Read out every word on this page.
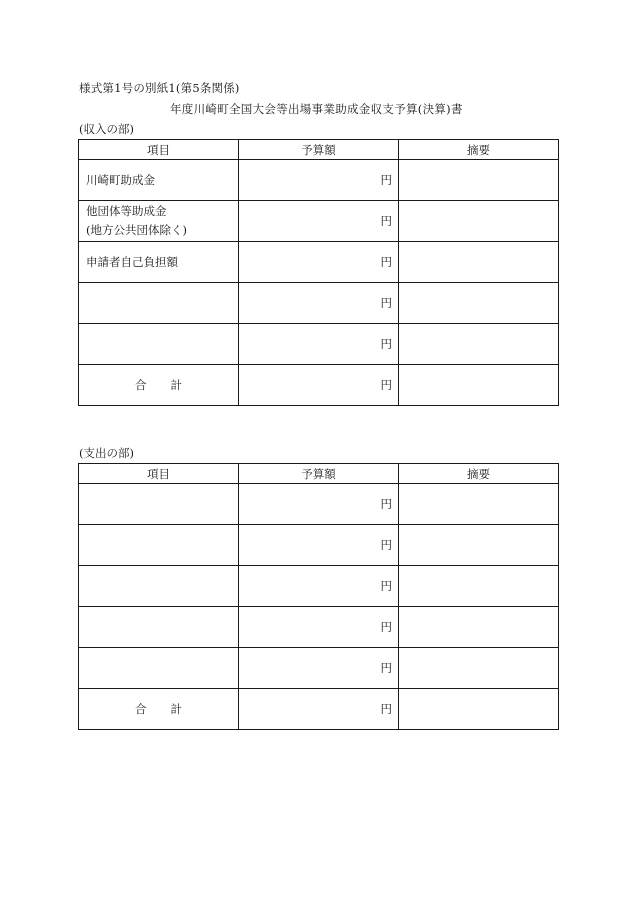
様式第1号の別紙1(第5条関係)
年度川崎町全国大会等出場事業助成金収支予算(決算)書
(収入の部)
項目	予算額	摘要

川崎町助成金	円	

他団体等助成金
(地方公共団体除く)	円	

申請者自己負担額	円	
	円	
	円	
合計	円	
(支出の部)
項目	予算額	摘要
	円	
	円	
	円	
	円	
	円	
合計	円	
